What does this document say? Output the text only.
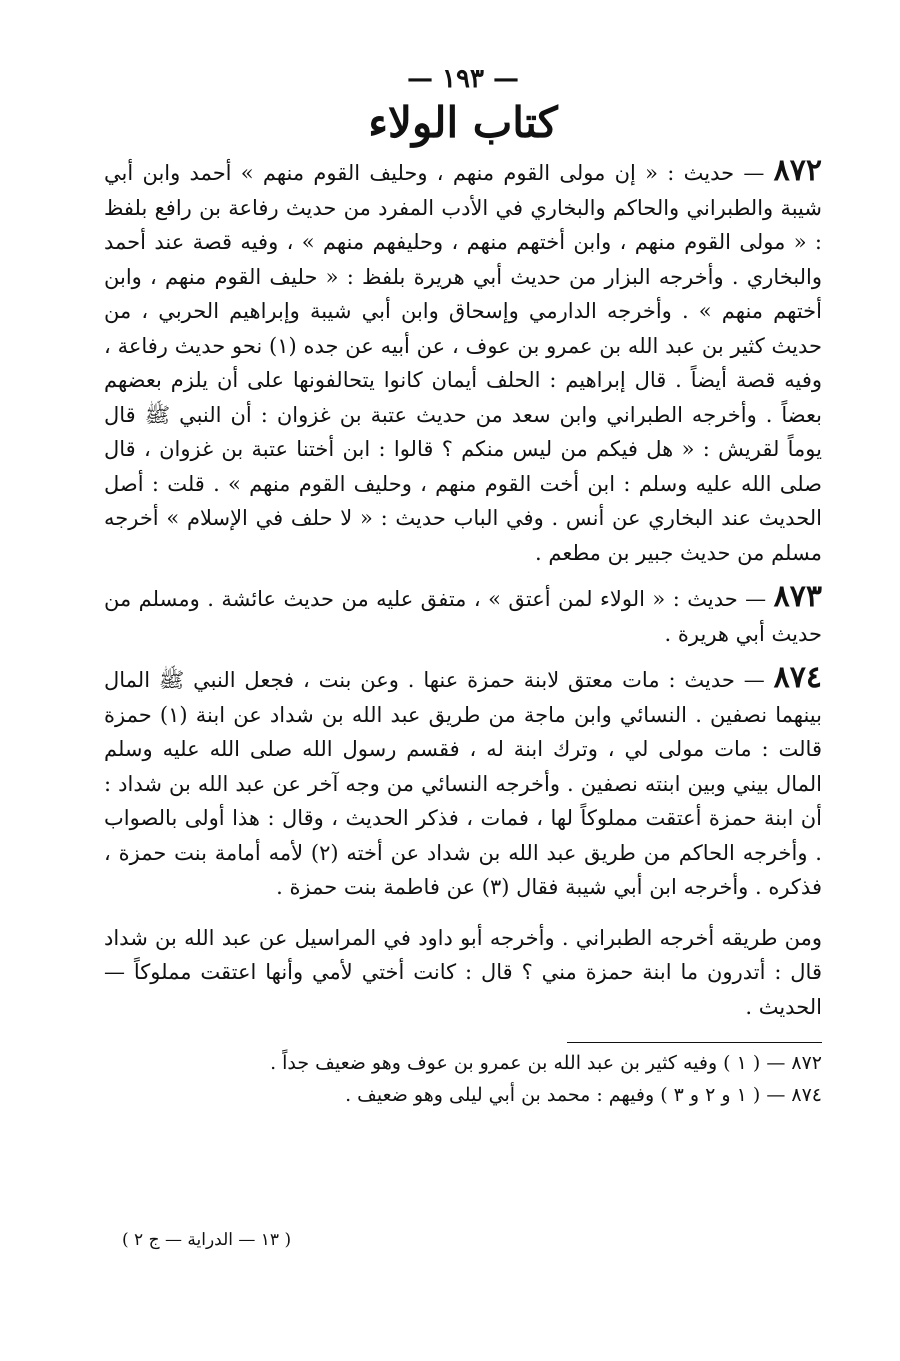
— ١٩٣ —
كتاب الولاء
٨٧٢ — حديث : « إن مولى القوم منهم ، وحليف القوم منهم » أحمد وابن أبي شيبة والطبراني والحاكم والبخاري في الأدب المفرد من حديث رفاعة بن رافع بلفظ : « مولى القوم منهم ، وابن أختهم منهم ، وحليفهم منهم » ، وفيه قصة عند أحمد والبخاري . وأخرجه البزار من حديث أبي هريرة بلفظ : « حليف القوم منهم ، وابن أختهم منهم » . وأخرجه الدارمي وإسحاق وابن أبي شيبة وإبراهيم الحربي ، من حديث كثير بن عبد الله بن عمرو بن عوف ، عن أبيه عن جده (١) نحو حديث رفاعة ، وفيه قصة أيضاً . قال إبراهيم : الحلف أيمان كانوا يتحالفونها على أن يلزم بعضهم بعضاً . وأخرجه الطبراني وابن سعد من حديث عتبة بن غزوان : أن النبي ﷺ قال يوماً لقريش : « هل فيكم من ليس منكم ؟ قالوا : ابن أختنا عتبة بن غزوان ، قال صلى الله عليه وسلم : ابن أخت القوم منهم ، وحليف القوم منهم » . قلت : أصل الحديث عند البخاري عن أنس . وفي الباب حديث : « لا حلف في الإسلام » أخرجه مسلم من حديث جبير بن مطعم .
٨٧٣ — حديث : « الولاء لمن أعتق » ، متفق عليه من حديث عائشة . ومسلم من حديث أبي هريرة .
٨٧٤ — حديث : مات معتق لابنة حمزة عنها . وعن بنت ، فجعل النبي ﷺ المال بينهما نصفين . النسائي وابن ماجة من طريق عبد الله بن شداد عن ابنة (١) حمزة قالت : مات مولى لي ، وترك ابنة له ، فقسم رسول الله صلى الله عليه وسلم المال بيني وبين ابنته نصفين . وأخرجه النسائي من وجه آخر عن عبد الله بن شداد : أن ابنة حمزة أعتقت مملوكاً لها ، فمات ، فذكر الحديث ، وقال : هذا أولى بالصواب . وأخرجه الحاكم من طريق عبد الله بن شداد عن أخته (٢) لأمه أمامة بنت حمزة ، فذكره . وأخرجه ابن أبي شيبة فقال (٣) عن فاطمة بنت حمزة .
ومن طريقه أخرجه الطبراني . وأخرجه أبو داود في المراسيل عن عبد الله بن شداد قال : أتدرون ما ابنة حمزة مني ؟ قال : كانت أختي لأمي وأنها اعتقت مملوكاً — الحديث .
٨٧٢ — ( ١ ) وفيه كثير بن عبد الله بن عمرو بن عوف وهو ضعيف جداً .
٨٧٤ — ( ١ و ٢ و ٣ ) وفيهم : محمد بن أبي ليلى وهو ضعيف .
( ١٣ — الدراية — ج ٢ )
